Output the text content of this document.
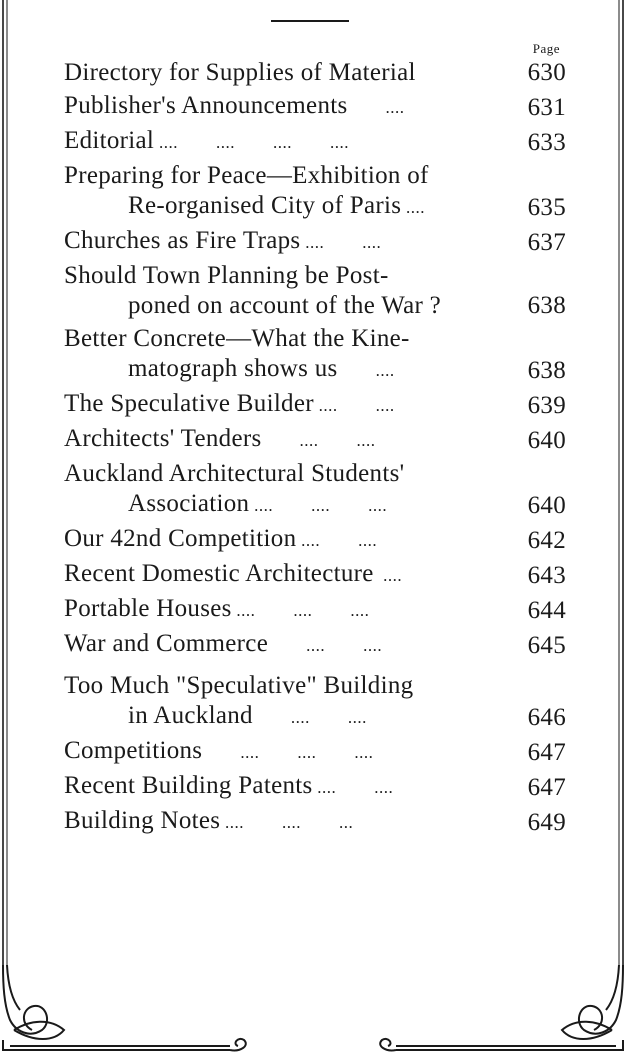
Page
Directory for Supplies of Material	630
Publisher's Announcements        ....	631
Editorial ....        ....        ....        ....	633
Preparing for Peace—Exhibition of
Re-organised City of Paris ....	635
Churches as Fire Traps ....        ....	637
Should Town Planning be Post-
poned on account of the War ?	638
Better Concrete—What the Kine-
matograph shows us        ....	638
The Speculative Builder ....        ....	639
Architects' Tenders        ....        ....	640
Auckland Architectural Students'
Association ....        ....        ....	640
Our 42nd Competition ....        ....	642
Recent Domestic Architecture  ....	643
Portable Houses ....        ....        ....	644
War and Commerce        ....        ....	645
Too Much "Speculative" Building
in Auckland        ....        ....	646
Competitions        ....        ....        ....	647
Recent Building Patents ....        ....	647
Building Notes ....        ....        ...	649
